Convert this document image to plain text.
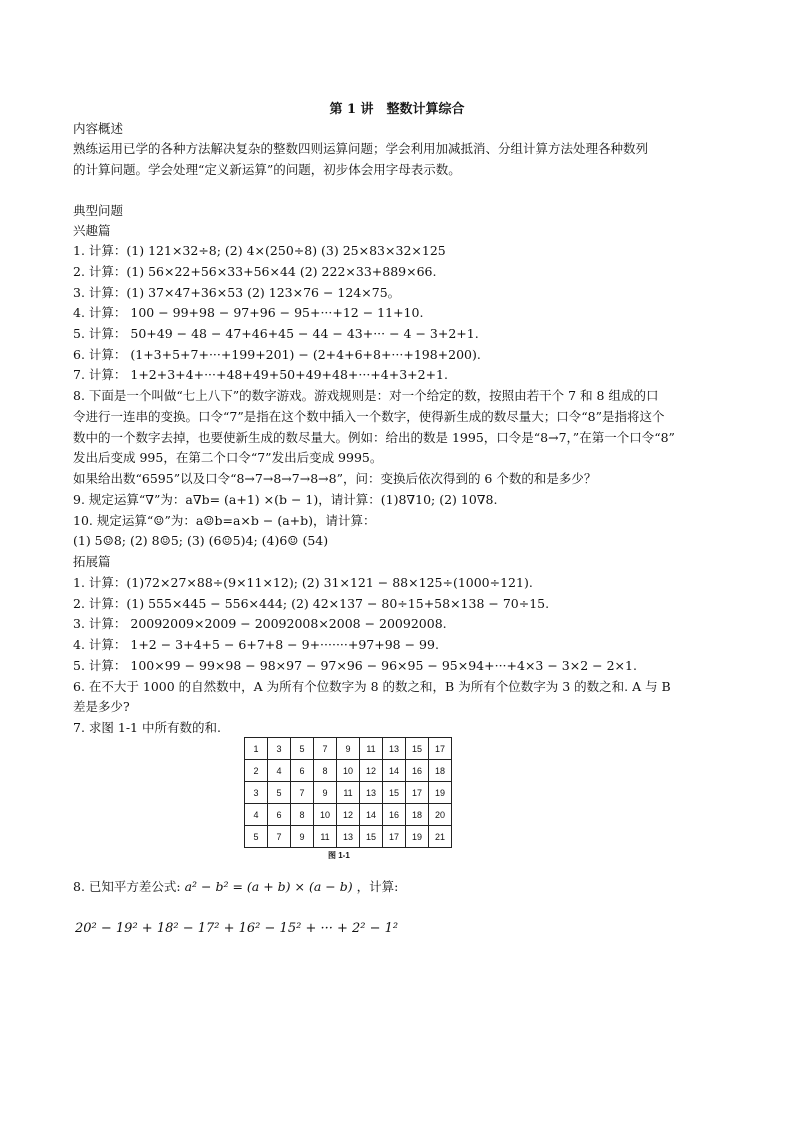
第 1 讲　整数计算综合
内容概述
熟练运用已学的各种方法解决复杂的整数四则运算问题；学会利用加减抵消、分组计算方法处理各种数列
的计算问题。学会处理“定义新运算”的问题，初步体会用字母表示数。
典型问题
兴趣篇
1. 计算：(1) 121×32÷8; (2) 4×(250÷8) (3) 25×83×32×125
2. 计算：(1) 56×22+56×33+56×44 (2) 222×33+889×66.
3. 计算：(1) 37×47+36×53 (2) 123×76 − 124×75。
4. 计算： 100 − 99+98 − 97+96 − 95+···+12 − 11+10.
5. 计算： 50+49 − 48 − 47+46+45 − 44 − 43+··· − 4 − 3+2+1.
6. 计算： (1+3+5+7+···+199+201) − (2+4+6+8+···+198+200).
7. 计算： 1+2+3+4+···+48+49+50+49+48+···+4+3+2+1.
8. 下面是一个叫做“七上八下”的数字游戏。游戏规则是：对一个给定的数，按照由若干个 7 和 8 组成的口
令进行一连串的变换。口令“7”是指在这个数中插入一个数字，使得新生成的数尽量大；口令“8”是指将这个
数中的一个数字去掉，也要使新生成的数尽量大。例如：给出的数是 1995，口令是“8→7，”在第一个口令“8”
发出后变成 995，在第二个口令“7”发出后变成 9995。
如果给出数“6595”以及口令“8→7→8→7→8→8”，问：变换后依次得到的 6 个数的和是多少？
9. 规定运算“∇”为：a∇b= (a+1) ×(b − 1)，请计算：(1)8∇10; (2) 10∇8.
10. 规定运算“☺”为：a☺b=a×b − (a+b)，请计算：
(1) 5☺8; (2) 8☺5; (3) (6☺5)4; (4)6☺ (54)
拓展篇
1. 计算：(1)72×27×88÷(9×11×12); (2) 31×121 − 88×125÷(1000÷121).
2. 计算：(1) 555×445 − 556×444; (2) 42×137 − 80÷15+58×138 − 70÷15.
3. 计算： 20092009×2009 − 20092008×2008 − 20092008.
4. 计算： 1+2 − 3+4+5 − 6+7+8 − 9+·······+97+98 − 99.
5. 计算： 100×99 − 99×98 − 98×97 − 97×96 − 96×95 − 95×94+···+4×3 − 3×2 − 2×1.
6. 在不大于 1000 的自然数中，A 为所有个位数字为 8 的数之和，B 为所有个位数字为 3 的数之和. A 与 B
差是多少?
7. 求图 1-1 中所有数的和.
1	3	5	7	9	11	13	15	17
2	4	6	8	10	12	14	16	18
3	5	7	9	11	13	15	17	19
4	6	8	10	12	14	16	18	20
5	7	9	11	13	15	17	19	21
图 1-1
8. 已知平方差公式: a² − b² = (a + b) × (a − b) ，计算:
20² − 19² + 18² − 17² + 16² − 15² + ··· + 2² − 1²
